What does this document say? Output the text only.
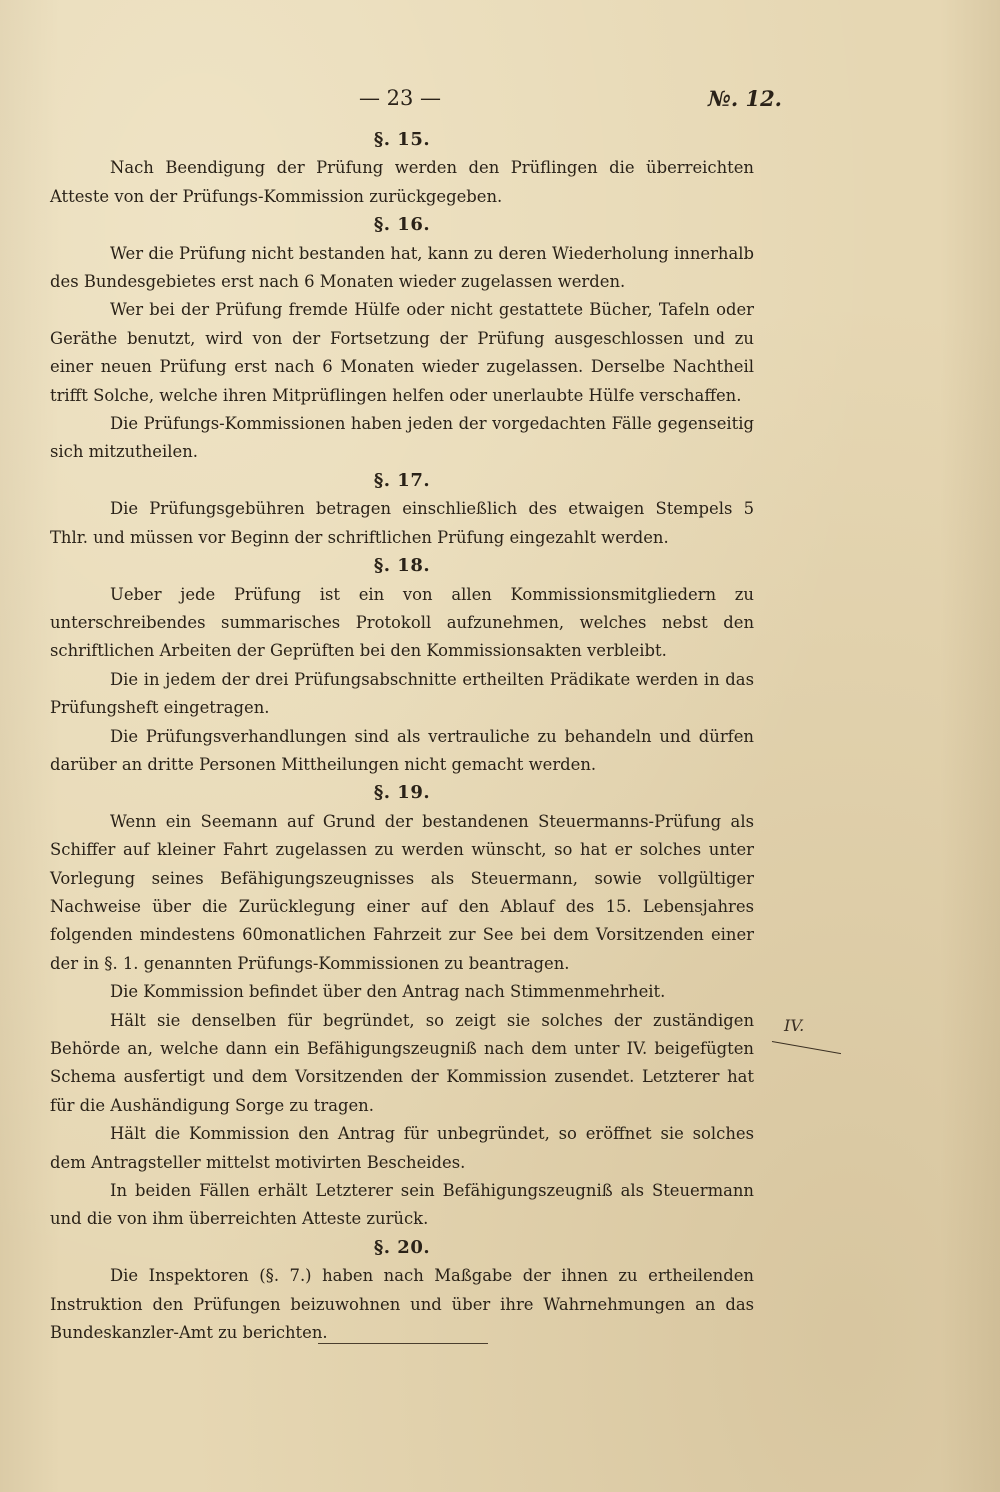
— 23 —	№. 12.
§. 15.

Nach Beendigung der Prüfung werden den Prüflingen die überreichten Atteste von der Prüfungs-Kommission zurückgegeben.

§. 16.

Wer die Prüfung nicht bestanden hat, kann zu deren Wiederholung innerhalb des Bundesgebietes erst nach 6 Monaten wieder zugelassen werden.

Wer bei der Prüfung fremde Hülfe oder nicht gestattete Bücher, Tafeln oder Geräthe benutzt, wird von der Fortsetzung der Prüfung ausgeschlossen und zu einer neuen Prüfung erst nach 6 Monaten wieder zugelassen. Derselbe Nachtheil trifft Solche, welche ihren Mitprüflingen helfen oder unerlaubte Hülfe verschaffen.

Die Prüfungs-Kommissionen haben jeden der vorgedachten Fälle gegenseitig sich mitzutheilen.

§. 17.

Die Prüfungsgebühren betragen einschließlich des etwaigen Stempels 5 Thlr. und müssen vor Beginn der schriftlichen Prüfung eingezahlt werden.

§. 18.

Ueber jede Prüfung ist ein von allen Kommissionsmitgliedern zu unterschreibendes summarisches Protokoll aufzunehmen, welches nebst den schriftlichen Arbeiten der Geprüften bei den Kommissionsakten verbleibt.

Die in jedem der drei Prüfungsabschnitte ertheilten Prädikate werden in das Prüfungsheft eingetragen.

Die Prüfungsverhandlungen sind als vertrauliche zu behandeln und dürfen darüber an dritte Personen Mittheilungen nicht gemacht werden.

§. 19.

Wenn ein Seemann auf Grund der bestandenen Steuermanns-Prüfung als Schiffer auf kleiner Fahrt zugelassen zu werden wünscht, so hat er solches unter Vorlegung seines Befähigungszeugnisses als Steuermann, sowie vollgültiger Nachweise über die Zurücklegung einer auf den Ablauf des 15. Lebensjahres folgenden mindestens 60monatlichen Fahrzeit zur See bei dem Vorsitzenden einer der in §. 1. genannten Prüfungs-Kommissionen zu beantragen.

Die Kommission befindet über den Antrag nach Stimmenmehrheit.

Hält sie denselben für begründet, so zeigt sie solches der zuständigen Behörde an, welche dann ein Befähigungszeugniß nach dem unter IV. beigefügten Schema ausfertigt und dem Vorsitzenden der Kommission zusendet. Letzterer hat für die Aushändigung Sorge zu tragen.

Hält die Kommission den Antrag für unbegründet, so eröffnet sie solches dem Antragsteller mittelst motivirten Bescheides.

In beiden Fällen erhält Letzterer sein Befähigungszeugniß als Steuermann und die von ihm überreichten Atteste zurück.

§. 20.

Die Inspektoren (§. 7.) haben nach Maßgabe der ihnen zu ertheilenden Instruktion den Prüfungen beizuwohnen und über ihre Wahrnehmungen an das Bundeskanzler-Amt zu berichten.

IV.
